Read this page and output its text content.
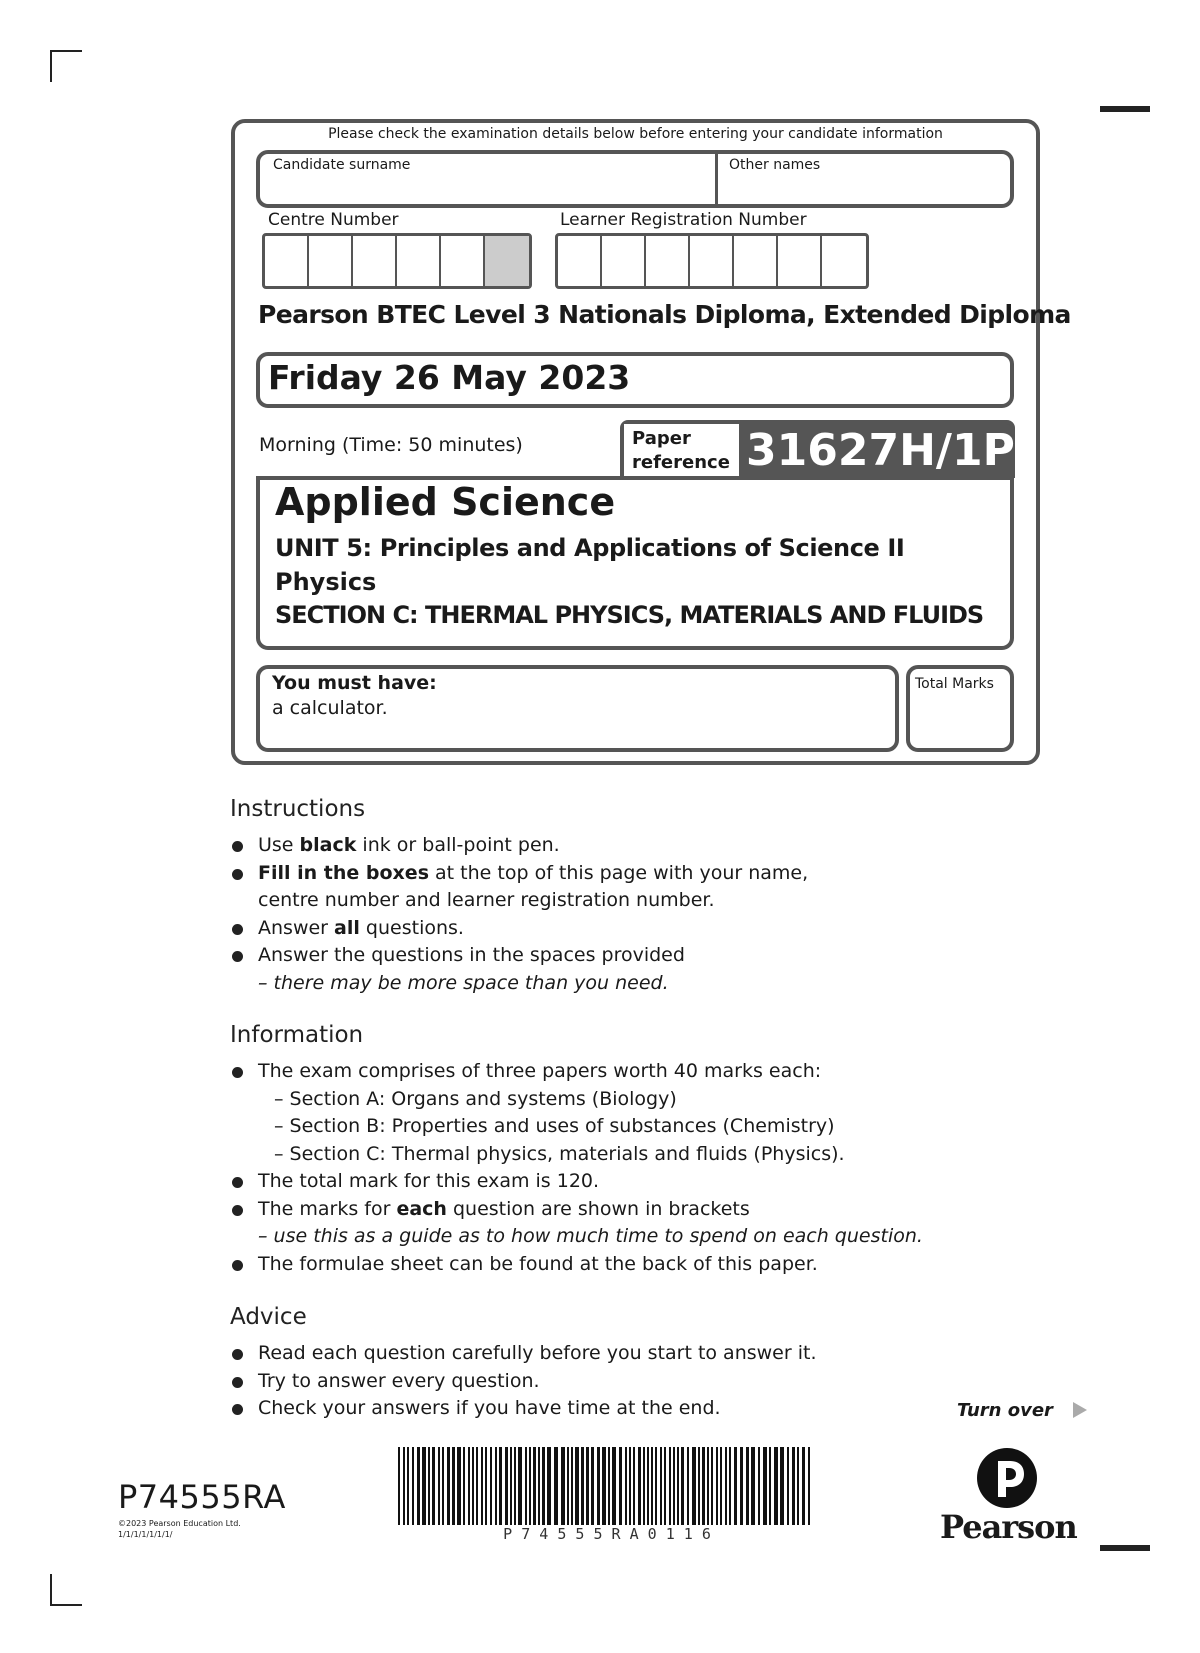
Please check the examination details below before entering your candidate information
Candidate surname	Other names
Centre Number	Learner Registration Number
Pearson BTEC Level 3 Nationals Diploma, Extended Diploma
Friday 26 May 2023
Morning (Time: 50 minutes)	Paper
reference 31627H/1P
Applied Science
UNIT 5: Principles and Applications of Science II
Physics
SECTION C: THERMAL PHYSICS, MATERIALS AND FLUIDS
You must have:
a calculator.
Total Marks
Instructions
Use black ink or ball-point pen.
Fill in the boxes at the top of this page with your name,
centre number and learner registration number.
Answer all questions.
Answer the questions in the spaces provided
– there may be more space than you need.
Information
The exam comprises of three papers worth 40 marks each:
– Section A: Organs and systems (Biology)
– Section B: Properties and uses of substances (Chemistry)
– Section C: Thermal physics, materials and fluids (Physics).
The total mark for this exam is 120.
The marks for each question are shown in brackets
– use this as a guide as to how much time to spend on each question.
The formulae sheet can be found at the back of this paper.
Advice
Read each question carefully before you start to answer it.
Try to answer every question.
Check your answers if you have time at the end.	Turn over
P74555RA
©2023 Pearson Education Ltd.
1/1/1/1/1/1/1/	P 7 4 5 5 5 R A 0 1 1 6	Pearson
